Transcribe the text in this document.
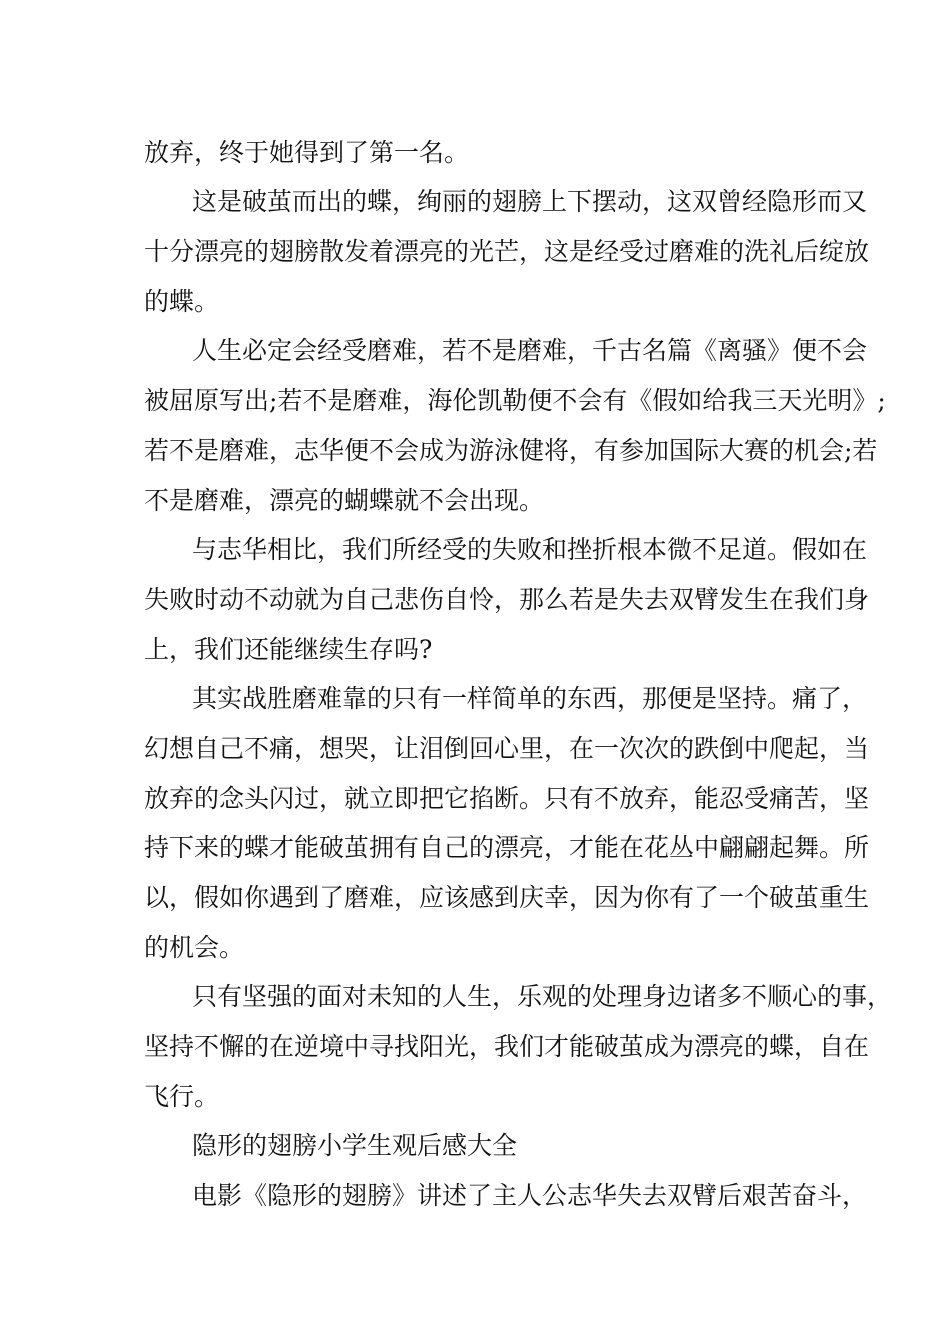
放弃，终于她得到了第一名。
这是破茧而出的蝶，绚丽的翅膀上下摆动，这双曾经隐形而又
十分漂亮的翅膀散发着漂亮的光芒，这是经受过磨难的洗礼后绽放
的蝶。
人生必定会经受磨难，若不是磨难，千古名篇《离骚》便不会
被屈原写出;若不是磨难，海伦凯勒便不会有《假如给我三天光明》;
若不是磨难，志华便不会成为游泳健将，有参加国际大赛的机会;若
不是磨难，漂亮的蝴蝶就不会出现。
与志华相比，我们所经受的失败和挫折根本微不足道。假如在
失败时动不动就为自己悲伤自怜，那么若是失去双臂发生在我们身
上，我们还能继续生存吗?
其实战胜磨难靠的只有一样简单的东西，那便是坚持。痛了，
幻想自己不痛，想哭，让泪倒回心里，在一次次的跌倒中爬起，当
放弃的念头闪过，就立即把它掐断。只有不放弃，能忍受痛苦，坚
持下来的蝶才能破茧拥有自己的漂亮，才能在花丛中翩翩起舞。所
以，假如你遇到了磨难，应该感到庆幸，因为你有了一个破茧重生
的机会。
只有坚强的面对未知的人生，乐观的处理身边诸多不顺心的事，
坚持不懈的在逆境中寻找阳光，我们才能破茧成为漂亮的蝶，自在
飞行。
隐形的翅膀小学生观后感大全
电影《隐形的翅膀》讲述了主人公志华失去双臂后艰苦奋斗，
